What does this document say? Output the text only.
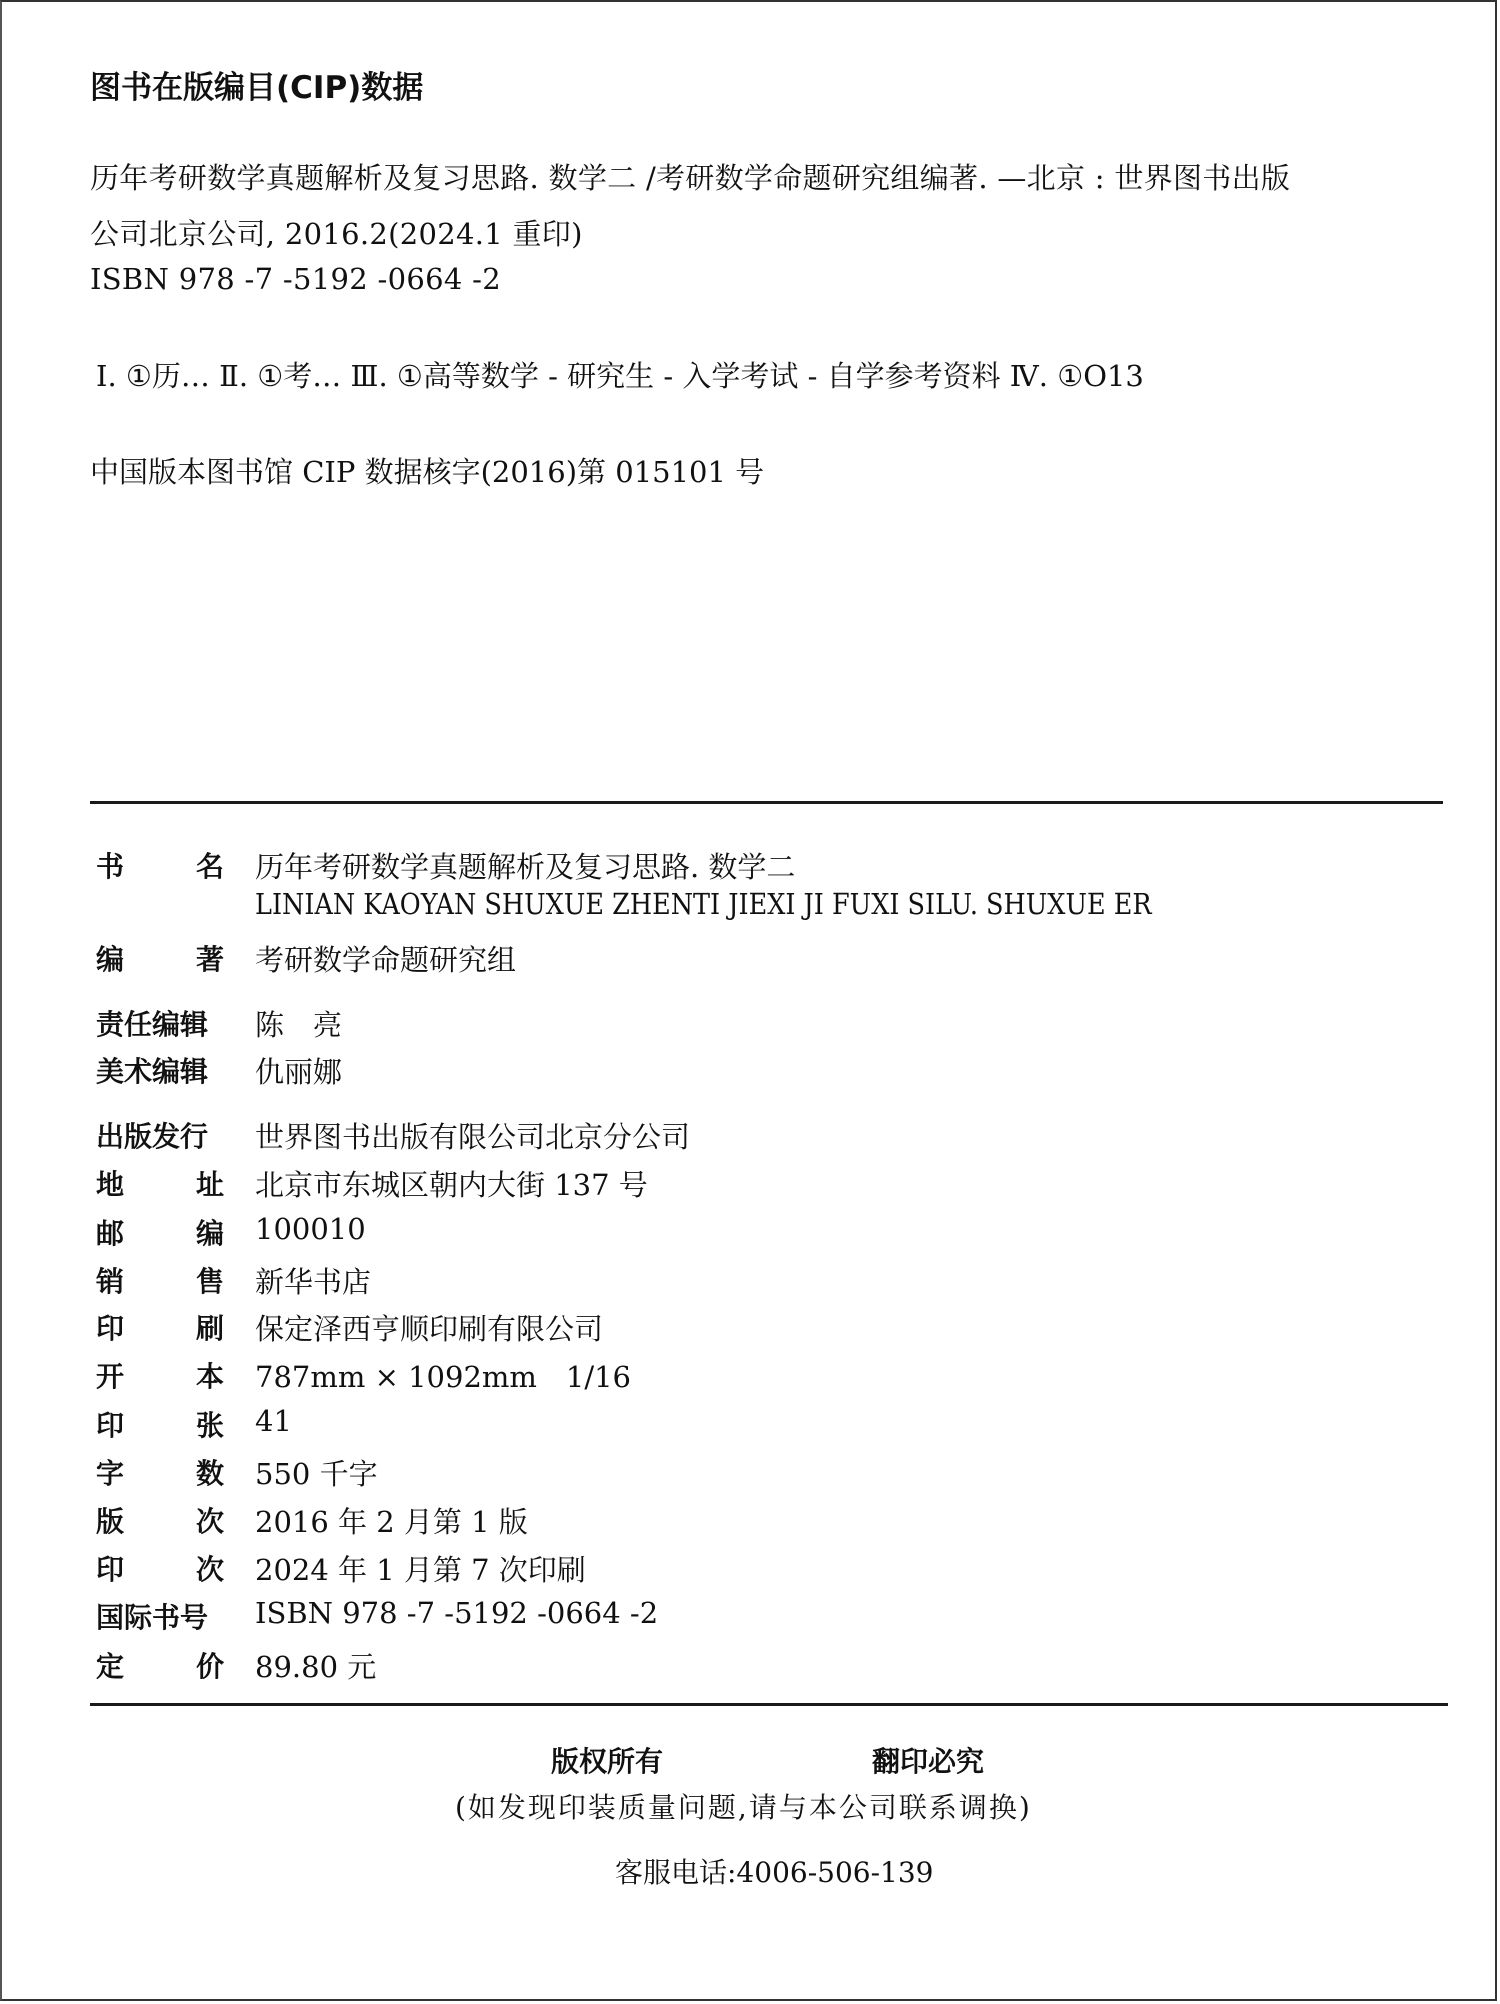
图书在版编目(CIP)数据
历年考研数学真题解析及复习思路. 数学二 /考研数学命题研究组编著. —北京 : 世界图书出版
公司北京公司, 2016.2(2024.1 重印)
ISBN 978 -7 -5192 -0664 -2
Ⅰ. ①历… Ⅱ. ①考… Ⅲ. ①高等数学 - 研究生 - 入学考试 - 自学参考资料 Ⅳ. ①O13
中国版本图书馆 CIP 数据核字(2016)第 015101 号
书	名 历年考研数学真题解析及复习思路. 数学二
LINIAN KAOYAN SHUXUE ZHENTI JIEXI JI FUXI SILU. SHUXUE ER
编	著 考研数学命题研究组
责任编辑 陈　亮
美术编辑 仇丽娜
出版发行 世界图书出版有限公司北京分公司
地	址 北京市东城区朝内大街 137 号
邮	编 100010
销	售 新华书店
印	刷 保定泽西亨顺印刷有限公司
开	本 787mm × 1092mm　1/16
印	张 41
字	数 550 千字
版	次 2016 年 2 月第 1 版
印	次 2024 年 1 月第 7 次印刷
国际书号 ISBN 978 -7 -5192 -0664 -2
定	价 89.80 元
版权所有	翻印必究
(如发现印装质量问题,请与本公司联系调换)
客服电话:4006-506-139
